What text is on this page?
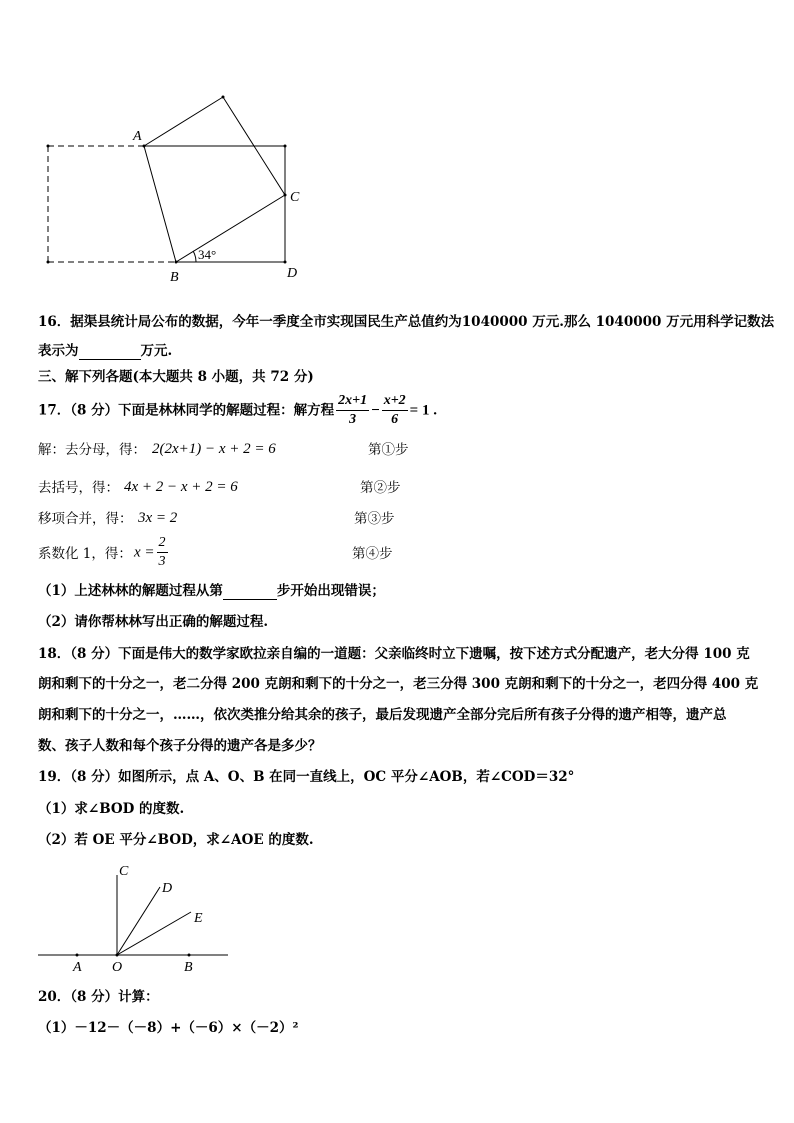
A
B
C
D
34°
16．据渠县统计局公布的数据，今年一季度全市实现国民生产总值约为1040000 万元.那么 1040000 万元用科学记数法
表示为	万元.
三、解下列各题(本大题共 8 小题，共 72 分)
17．（8 分）下面是林林同学的解题过程：解方程 $\frac{2x+1}{3} - \frac{x+2}{6} = 1$ .
解：去分母，得： 2(2x+1) − x + 2 = 6	第①步
去括号，得： 4x + 2 − x + 2 = 6	第②步
移项合并，得： 3x = 2	第③步
系数化 1，得： $x = \frac{2}{3}$	第④步
（1）上述林林的解题过程从第	步开始出现错误；
（2）请你帮林林写出正确的解题过程.
18．（8 分）下面是伟大的数学家欧拉亲自编的一道题：父亲临终时立下遗嘱，按下述方式分配遗产，老大分得 100 克
朗和剩下的十分之一，老二分得 200 克朗和剩下的十分之一，老三分得 300 克朗和剩下的十分之一，老四分得 400 克
朗和剩下的十分之一，……，依次类推分给其余的孩子，最后发现遗产全部分完后所有孩子分得的遗产相等，遗产总
数、孩子人数和每个孩子分得的遗产各是多少？
19．（8 分）如图所示，点 A、O、B 在同一直线上，OC 平分∠AOB，若∠COD＝32°
（1）求∠BOD 的度数.
（2）若 OE 平分∠BOD，求∠AOE 的度数.
C
D
E
A O	B
20．（8 分）计算：
（1）－12－（－8）+（－6）×（－2）²
